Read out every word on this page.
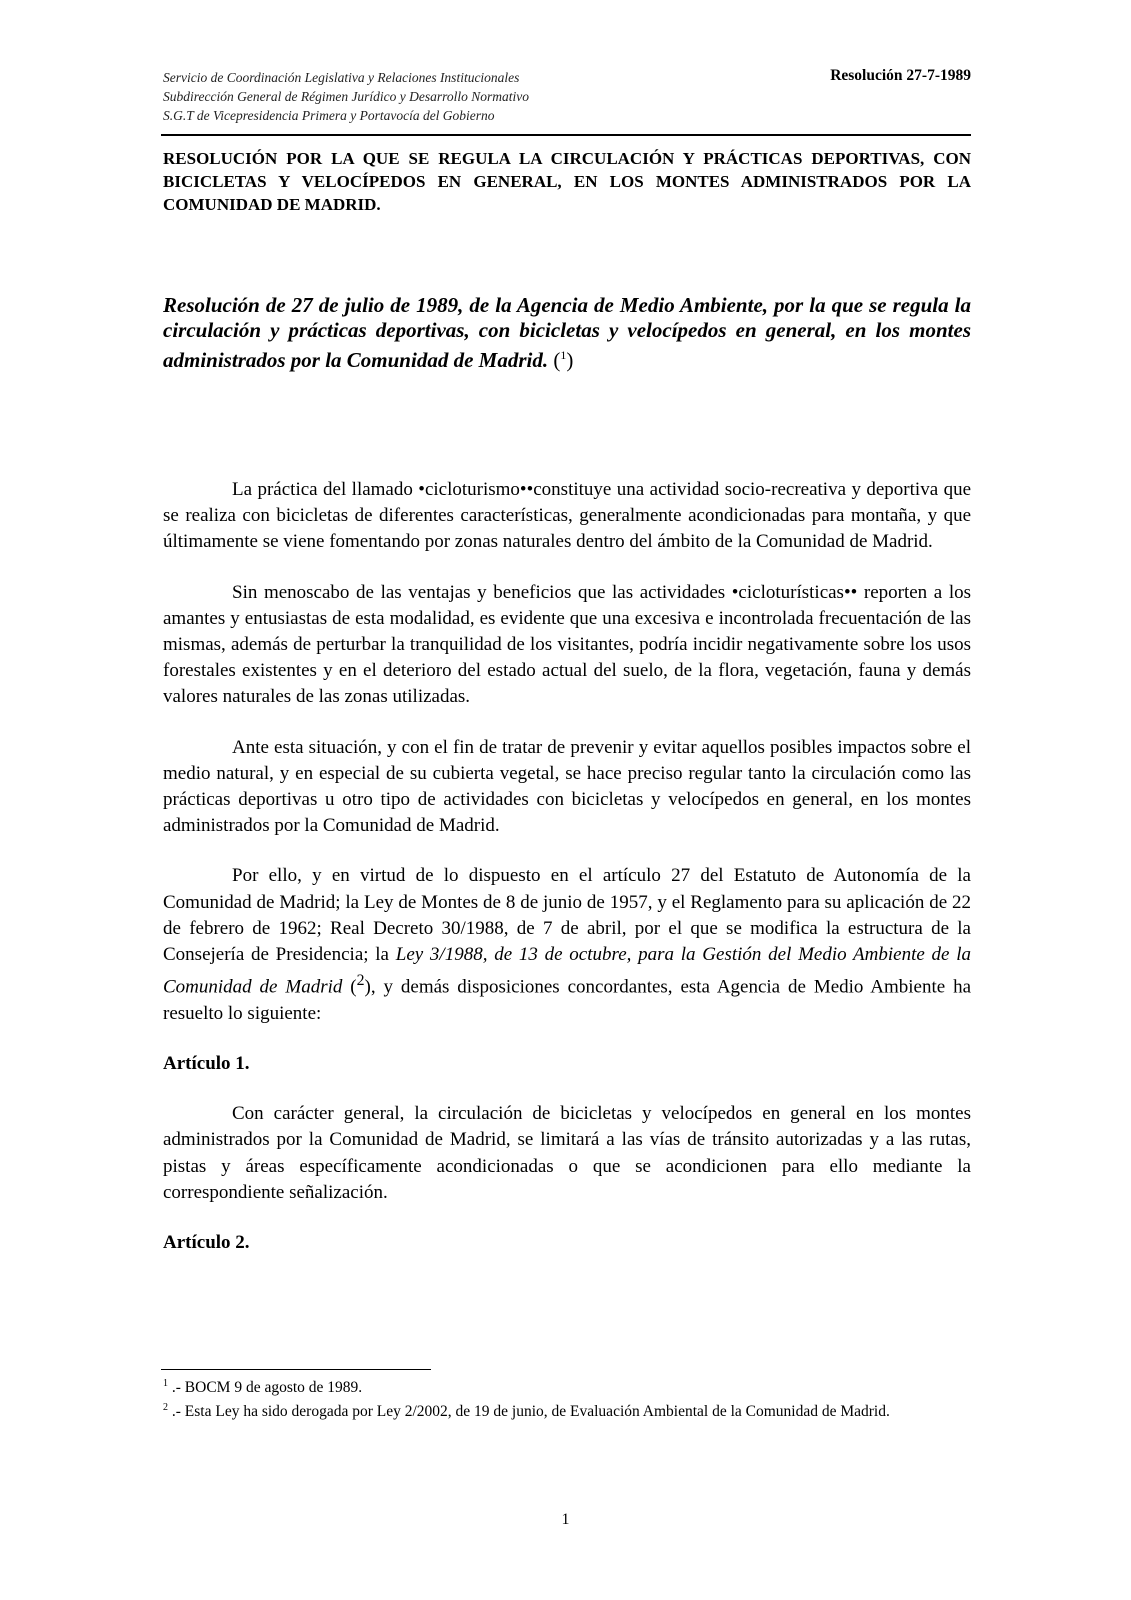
Servicio de Coordinación Legislativa y Relaciones Institucionales
Subdirección General de Régimen Jurídico y Desarrollo Normativo
S.G.T de Vicepresidencia Primera y Portavocía del Gobierno
Resolución 27-7-1989
RESOLUCIÓN POR LA QUE SE REGULA LA CIRCULACIÓN Y PRÁCTICAS DEPORTIVAS, CON BICICLETAS Y VELOCÍPEDOS EN GENERAL, EN LOS MONTES ADMINISTRADOS POR LA COMUNIDAD DE MADRID.

Resolución de 27 de julio de 1989, de la Agencia de Medio Ambiente, por la que se regula la circulación y prácticas deportivas, con bicicletas y velocípedos en general, en los montes administrados por la Comunidad de Madrid. ($^1$)

La práctica del llamado •cicloturismo••constituye una actividad socio-recreativa y deportiva que se realiza con bicicletas de diferentes características, generalmente acondicionadas para montaña, y que últimamente se viene fomentando por zonas naturales dentro del ámbito de la Comunidad de Madrid.

Sin menoscabo de las ventajas y beneficios que las actividades •cicloturísticas•• reporten a los amantes y entusiastas de esta modalidad, es evidente que una excesiva e incontrolada frecuentación de las mismas, además de perturbar la tranquilidad de los visitantes, podría incidir negativamente sobre los usos forestales existentes y en el deterioro del estado actual del suelo, de la flora, vegetación, fauna y demás valores naturales de las zonas utilizadas.

Ante esta situación, y con el fin de tratar de prevenir y evitar aquellos posibles impactos sobre el medio natural, y en especial de su cubierta vegetal, se hace preciso regular tanto la circulación como las prácticas deportivas u otro tipo de actividades con bicicletas y velocípedos en general, en los montes administrados por la Comunidad de Madrid.

Por ello, y en virtud de lo dispuesto en el artículo 27 del Estatuto de Autonomía de la Comunidad de Madrid; la Ley de Montes de 8 de junio de 1957, y el Reglamento para su aplicación de 22 de febrero de 1962; Real Decreto 30/1988, de 7 de abril, por el que se modifica la estructura de la Consejería de Presidencia; la Ley 3/1988, de 13 de octubre, para la Gestión del Medio Ambiente de la Comunidad de Madrid ($^2$), y demás disposiciones concordantes, esta Agencia de Medio Ambiente ha resuelto lo siguiente:

Artículo 1.

Con carácter general, la circulación de bicicletas y velocípedos en general en los montes administrados por la Comunidad de Madrid, se limitará a las vías de tránsito autorizadas y a las rutas, pistas y áreas específicamente acondicionadas o que se acondicionen para ello mediante la correspondiente señalización.

Artículo 2.

$^1$ .- BOCM 9 de agosto de 1989.

$^2$ .- Esta Ley ha sido derogada por Ley 2/2002, de 19 de junio, de Evaluación Ambiental de la Comunidad de Madrid.

1
